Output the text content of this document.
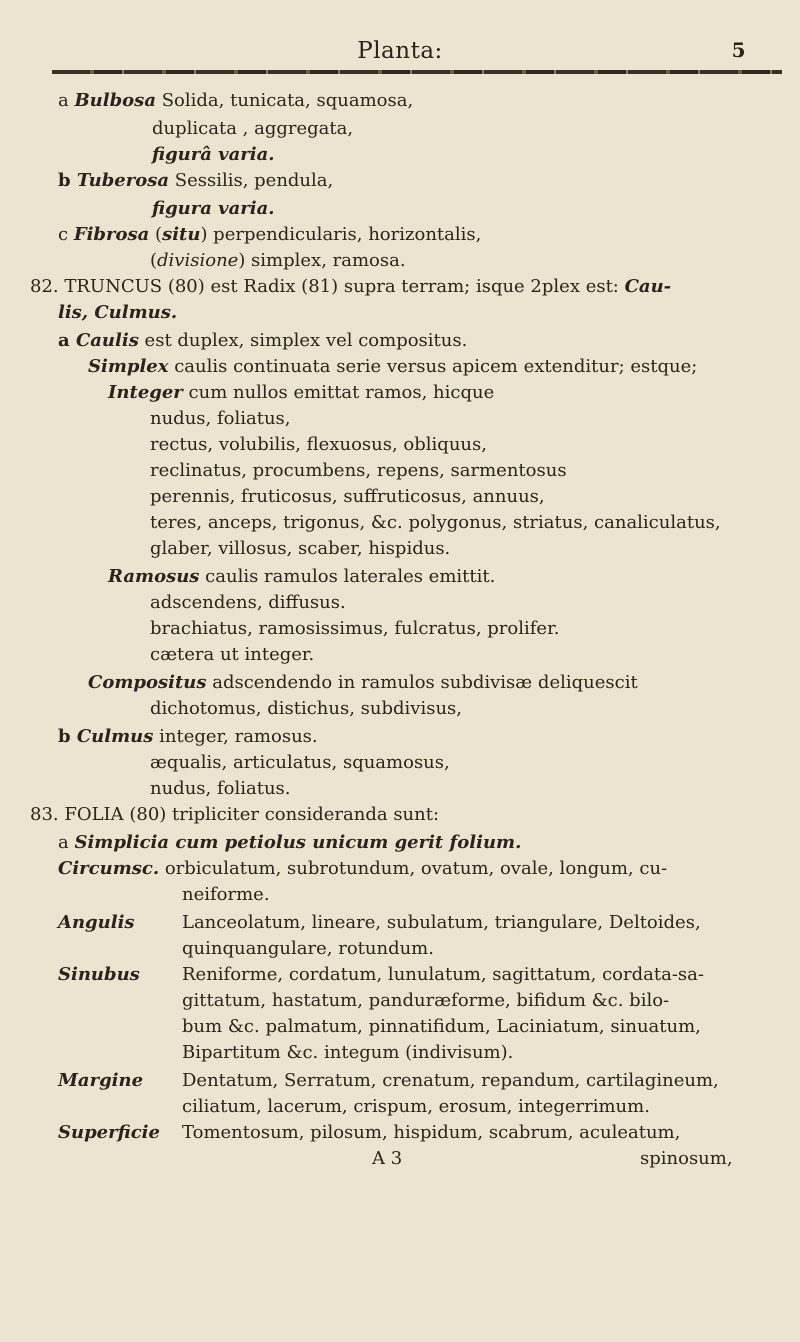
Planta:	5
a Bulbosa Solida, tunicata, squamosa,
duplicata , aggregata,
figurâ varia.
b Tuberosa Sessilis, pendula,
figura varia.
c Fibrosa (situ) perpendicularis, horizontalis,
(divisione) simplex, ramosa.
82. TRUNCUS (80) est Radix (81) supra terram; isque 2plex est: Cau-
lis, Culmus.
a Caulis est duplex, simplex vel compositus.
Simplex caulis continuata serie versus apicem extenditur; estque;
Integer cum nullos emittat ramos, hicque
nudus, foliatus,
rectus, volubilis, flexuosus, obliquus,
reclinatus, procumbens, repens, sarmentosus
perennis, fruticosus, suffruticosus, annuus,
teres, anceps, trigonus, &c. polygonus, striatus, canaliculatus,
glaber, villosus, scaber, hispidus.
Ramosus caulis ramulos laterales emittit.
adscendens, diffusus.
brachiatus, ramosissimus, fulcratus, prolifer.
cætera ut integer.
Compositus adscendendo in ramulos subdivisæ deliquescit
dichotomus, distichus, subdivisus,
b Culmus integer, ramosus.
æqualis, articulatus, squamosus,
nudus, foliatus.
83. FOLIA (80) tripliciter consideranda sunt:
a Simplicia cum petiolus unicum gerit folium.
Circumsc. orbiculatum, subrotundum, ovatum, ovale, longum, cu-
neiforme.
Angulis	Lanceolatum, lineare, subulatum, triangulare, Deltoides,
quinquangulare, rotundum.
Sinubus Reniforme, cordatum, lunulatum, sagittatum, cordata-sa-
gittatum, hastatum, panduræforme, bifidum &c. bilo-
bum &c. palmatum, pinnatifidum, Laciniatum, sinuatum,
Bipartitum &c. integum (indivisum).
Margine Dentatum, Serratum, crenatum, repandum, cartilagineum,
ciliatum, lacerum, crispum, erosum, integerrimum.
Superficie Tomentosum, pilosum, hispidum, scabrum, aculeatum,
A 3	spinosum,
